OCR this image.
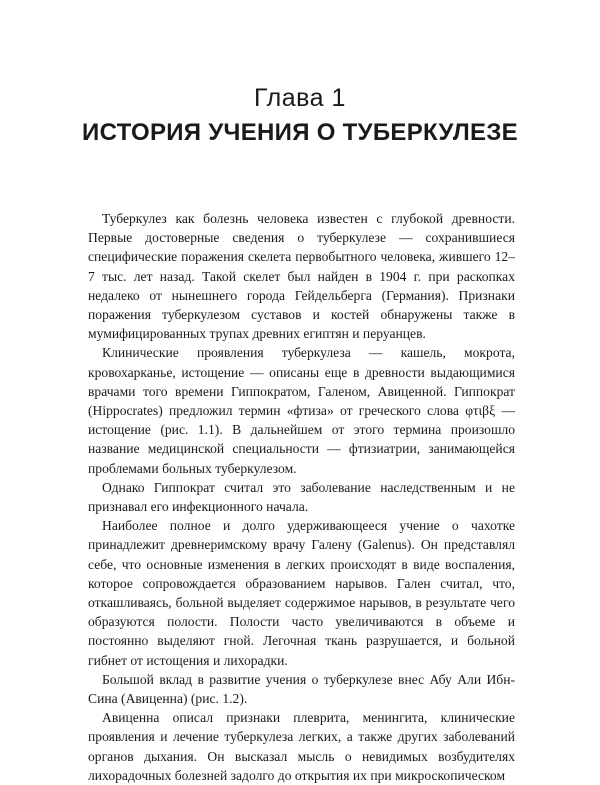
Глава 1
ИСТОРИЯ УЧЕНИЯ О ТУБЕРКУЛЕЗЕ

Туберкулез как болезнь человека известен с глубокой древности. Первые достоверные сведения о туберкулезе — сохранившиеся специфические поражения скелета первобытного человека, жившего 12–7 тыс. лет назад. Такой скелет был найден в 1904 г. при раскопках недалеко от нынешнего города Гейдельберга (Германия). Признаки поражения туберкулезом суставов и костей обнаружены также в мумифицированных трупах древних египтян и перуанцев.

Клинические проявления туберкулеза — кашель, мокрота, кровохарканье, истощение — описаны еще в древности выдающимися врачами того времени Гиппократом, Галеном, Авиценной. Гиппократ (Hippocrates) предложил термин «фтиза» от греческого слова φτιβξ — истощение (рис. 1.1). В дальнейшем от этого термина произошло название медицинской специальности — фтизиатрии, занимающейся проблемами больных туберкулезом.

Однако Гиппократ считал это заболевание наследственным и не признавал его инфекционного начала.

Наиболее полное и долго удерживающееся учение о чахотке принадлежит древнеримскому врачу Галену (Galenus). Он представлял себе, что основные изменения в легких происходят в виде воспаления, которое сопровождается образованием нарывов. Гален считал, что, откашливаясь, больной выделяет содержимое нарывов, в результате чего образуются полости. Полости часто увеличиваются в объеме и постоянно выделяют гной. Легочная ткань разрушается, и больной гибнет от истощения и лихорадки.

Большой вклад в развитие учения о туберкулезе внес Абу Али Ибн-Сина (Авиценна) (рис. 1.2).

Авиценна описал признаки плеврита, менингита, клинические проявления и лечение туберкулеза легких, а также других заболеваний органов дыхания. Он высказал мысль о невидимых возбудителях лихорадочных болезней задолго до открытия их при микроскопическом
